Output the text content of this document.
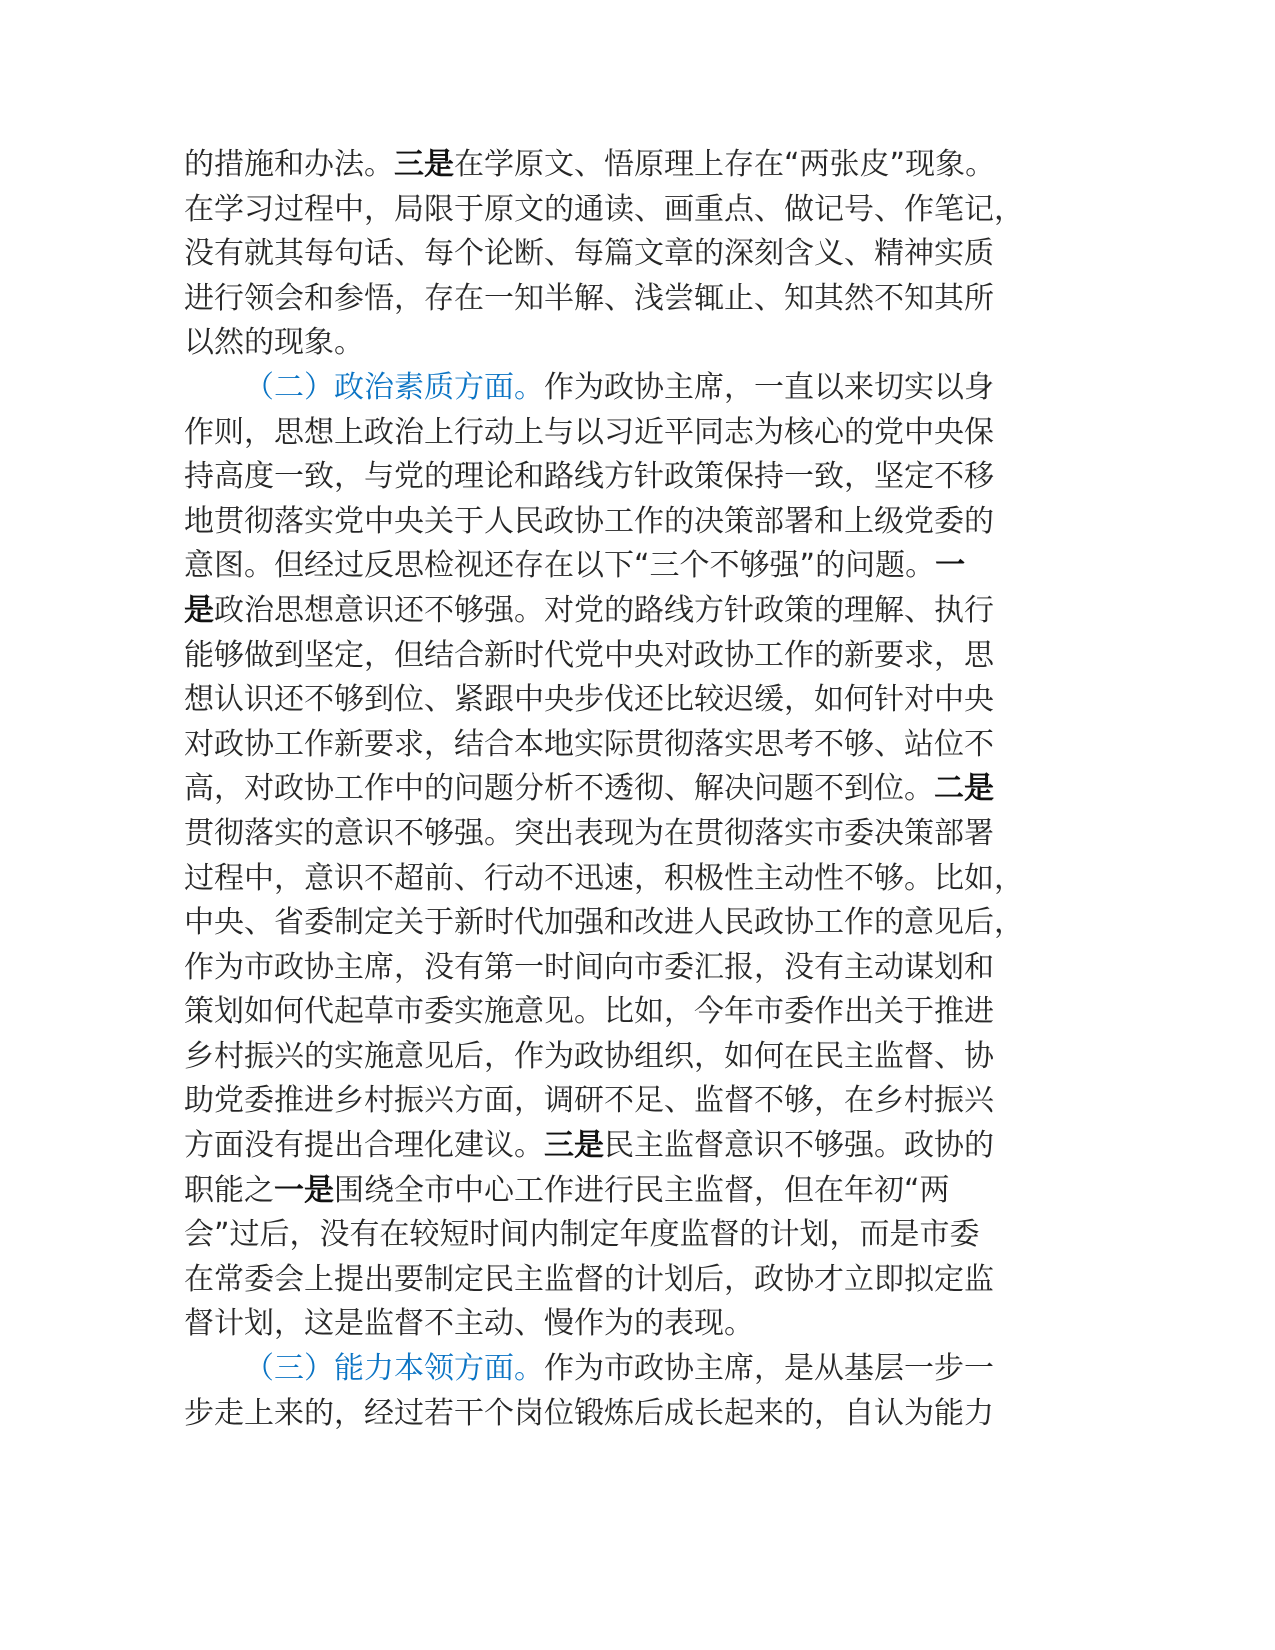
的措施和办法。三是在学原文、悟原理上存在“两张皮”现象。
在学习过程中，局限于原文的通读、画重点、做记号、作笔记，
没有就其每句话、每个论断、每篇文章的深刻含义、精神实质
进行领会和参悟，存在一知半解、浅尝辄止、知其然不知其所
以然的现象。
（二）政治素质方面。作为政协主席，一直以来切实以身
作则，思想上政治上行动上与以习近平同志为核心的党中央保
持高度一致，与党的理论和路线方针政策保持一致，坚定不移
地贯彻落实党中央关于人民政协工作的决策部署和上级党委的
意图。但经过反思检视还存在以下“三个不够强”的问题。一
是政治思想意识还不够强。对党的路线方针政策的理解、执行
能够做到坚定，但结合新时代党中央对政协工作的新要求，思
想认识还不够到位、紧跟中央步伐还比较迟缓，如何针对中央
对政协工作新要求，结合本地实际贯彻落实思考不够、站位不
高，对政协工作中的问题分析不透彻、解决问题不到位。二是
贯彻落实的意识不够强。突出表现为在贯彻落实市委决策部署
过程中，意识不超前、行动不迅速，积极性主动性不够。比如，
中央、省委制定关于新时代加强和改进人民政协工作的意见后，
作为市政协主席，没有第一时间向市委汇报，没有主动谋划和
策划如何代起草市委实施意见。比如，今年市委作出关于推进
乡村振兴的实施意见后，作为政协组织，如何在民主监督、协
助党委推进乡村振兴方面，调研不足、监督不够，在乡村振兴
方面没有提出合理化建议。三是民主监督意识不够强。政协的
职能之一是围绕全市中心工作进行民主监督，但在年初“两
会”过后，没有在较短时间内制定年度监督的计划，而是市委
在常委会上提出要制定民主监督的计划后，政协才立即拟定监
督计划，这是监督不主动、慢作为的表现。
（三）能力本领方面。作为市政协主席，是从基层一步一
步走上来的，经过若干个岗位锻炼后成长起来的，自认为能力
